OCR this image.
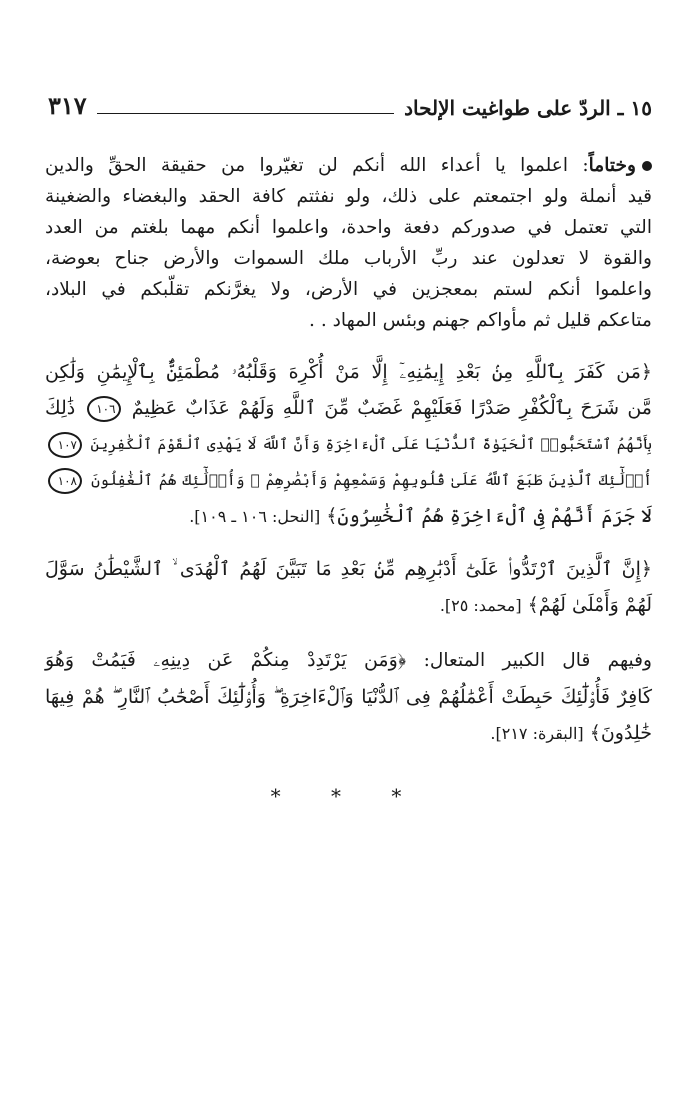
١٥ ـ الردّ على طواغيت الإلحاد
٣١٧

وختاماً: اعلموا يا أعداء الله أنكم لن تغيّروا من حقيقة الحقِّ والدين
قيد أنملة ولو اجتمعتم على ذلك، ولو نفثتم كافة الحقد والبغضاء والضغينة
التي تعتمل في صدوركم دفعة واحدة، واعلموا أنكم مهما بلغتم من العدد
والقوة لا تعدلون عند ربِّ الأرباب ملك السموات والأرض جناح بعوضة،
واعلموا أنكم لستم بمعجزين في الأرض، ولا يغرَّنكم تقلّبكم في البلاد،
متاعكم قليل ثم مأواكم جهنم وبئس المهاد . .

﴿مَن كَفَرَ بِٱللَّهِ مِنۢ بَعْدِ إِيمَٰنِهِۦٓ إِلَّا مَنْ أُكْرِهَ وَقَلْبُهُۥ مُطْمَئِنٌّۢ بِٱلْإِيمَٰنِ وَلَٰكِن
مَّن شَرَحَ بِٱلْكُفْرِ صَدْرًا فَعَلَيْهِمْ غَضَبٌ مِّنَ ٱللَّهِ وَلَهُمْ عَذَابٌ عَظِيمٌ ١٠٦ ذَٰلِكَ
بِأَنَّهُمُ ٱسْتَحَبُّوا۟ ٱلْحَيَوٰةَ ٱلدُّنْيَا عَلَى ٱلْءَاخِرَةِ وَأَنَّ ٱللَّهَ لَا يَهْدِى ٱلْقَوْمَ ٱلْكَٰفِرِينَ ١٠٧
أُو۟لَٰٓئِكَ ٱلَّذِينَ طَبَعَ ٱللَّهُ عَلَىٰ قُلُوبِهِمْ وَسَمْعِهِمْ وَأَبْصَٰرِهِمْ ۖ وَأُو۟لَٰٓئِكَ هُمُ ٱلْغَٰفِلُونَ ١٠٨
لَا جَرَمَ أَنَّهُمْ فِى ٱلْءَاخِرَةِ هُمُ ٱلْخَٰسِرُونَ﴾ [النحل: ١٠٦ ـ ١٠٩].

﴿إِنَّ ٱلَّذِينَ ٱرْتَدُّوا۟ عَلَىٰٓ أَدْبَٰرِهِم مِّنۢ بَعْدِ مَا تَبَيَّنَ لَهُمُ ٱلْهُدَى ۙ ٱلشَّيْطَٰنُ سَوَّلَ
لَهُمْ وَأَمْلَىٰ لَهُمْ﴾ [محمد: ٢٥].

وفيهم قال الكبير المتعال: ﴿وَمَن يَرْتَدِدْ مِنكُمْ عَن دِينِهِۦ فَيَمُتْ وَهُوَ
كَافِرٌ فَأُو۟لَٰٓئِكَ حَبِطَتْ أَعْمَٰلُهُمْ فِى ٱلدُّنْيَا وَٱلْءَاخِرَةِ ۖ وَأُو۟لَٰٓئِكَ أَصْحَٰبُ ٱلنَّارِ ۖ هُمْ فِيهَا
خَٰلِدُونَ﴾ [البقرة: ٢١٧].

* * *
